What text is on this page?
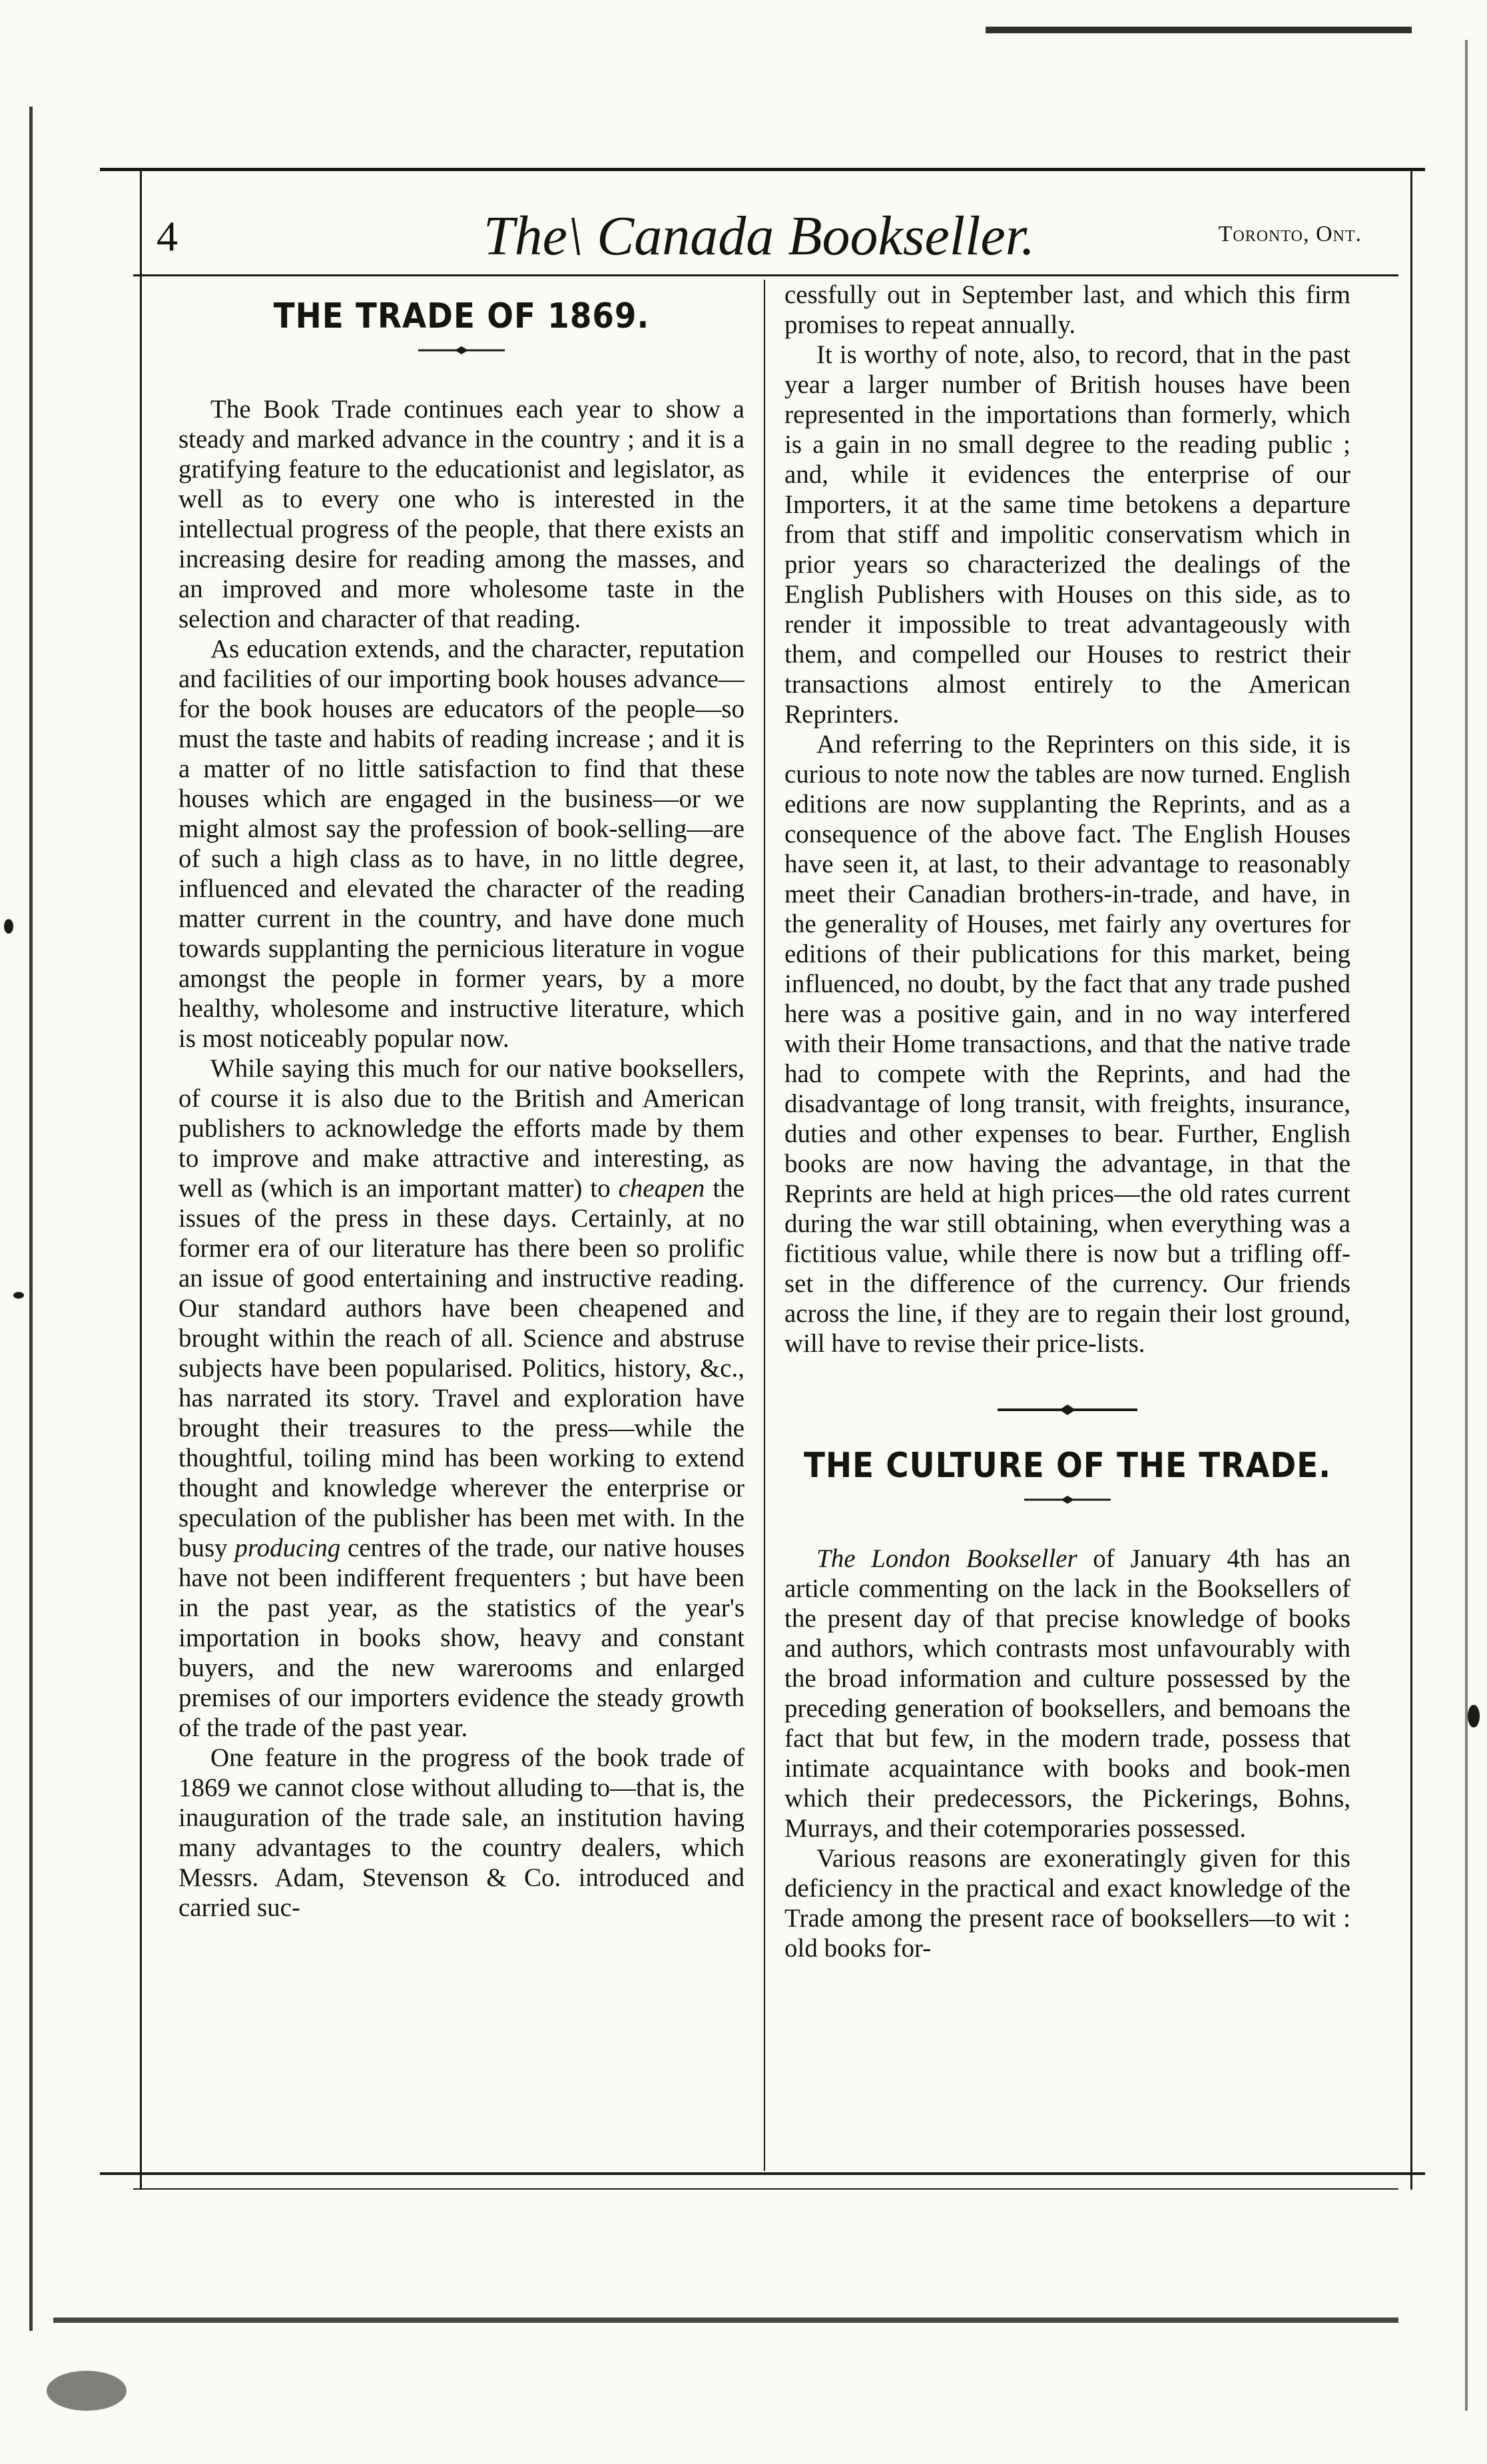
4	The\ Canada Bookseller.	Toronto, Ont.
THE TRADE OF 1869.

The Book Trade continues each year to show a steady and marked advance in the country ; and it is a gratifying feature to the educationist and legislator, as well as to every one who is interested in the intellectual progress of the people, that there exists an increasing desire for reading among the masses, and an improved and more wholesome taste in the selection and character of that reading.

As education extends, and the character, reputation and facilities of our importing book houses advance—for the book houses are educators of the people—so must the taste and habits of reading increase ; and it is a matter of no little satisfaction to find that these houses which are engaged in the business—or we might almost say the profession of book-selling—are of such a high class as to have, in no little degree, influenced and elevated the character of the reading matter current in the country, and have done much towards supplanting the pernicious literature in vogue amongst the people in former years, by a more healthy, wholesome and instructive literature, which is most noticeably popular now.

While saying this much for our native booksellers, of course it is also due to the British and American publishers to acknowledge the efforts made by them to improve and make attractive and interesting, as well as (which is an important matter) to cheapen the issues of the press in these days. Certainly, at no former era of our literature has there been so prolific an issue of good entertaining and instructive reading. Our standard authors have been cheapened and brought within the reach of all. Science and abstruse subjects have been popularised. Politics, history, &c., has narrated its story. Travel and exploration have brought their treasures to the press—while the thoughtful, toiling mind has been working to extend thought and knowledge wherever the enterprise or speculation of the publisher has been met with. In the busy producing centres of the trade, our native houses have not been indifferent frequenters ; but have been in the past year, as the statistics of the year's importation in books show, heavy and constant buyers, and the new warerooms and enlarged premises of our importers evidence the steady growth of the trade of the past year.

One feature in the progress of the book trade of 1869 we cannot close without alluding to—that is, the inauguration of the trade sale, an institution having many advantages to the country dealers, which Messrs. Adam, Stevenson & Co. introduced and carried suc-

cessfully out in September last, and which this firm promises to repeat annually.

It is worthy of note, also, to record, that in the past year a larger number of British houses have been represented in the importations than formerly, which is a gain in no small degree to the reading public ; and, while it evidences the enterprise of our Importers, it at the same time betokens a departure from that stiff and impolitic conservatism which in prior years so characterized the dealings of the English Publishers with Houses on this side, as to render it impossible to treat advantageously with them, and compelled our Houses to restrict their transactions almost entirely to the American Reprinters.

And referring to the Reprinters on this side, it is curious to note now the tables are now turned. English editions are now supplanting the Reprints, and as a consequence of the above fact. The English Houses have seen it, at last, to their advantage to reasonably meet their Canadian brothers-in-trade, and have, in the generality of Houses, met fairly any overtures for editions of their publications for this market, being influenced, no doubt, by the fact that any trade pushed here was a positive gain, and in no way interfered with their Home transactions, and that the native trade had to compete with the Reprints, and had the disadvantage of long transit, with freights, insurance, duties and other expenses to bear. Further, English books are now having the advantage, in that the Reprints are held at high prices—the old rates current during the war still obtaining, when everything was a fictitious value, while there is now but a trifling off-set in the difference of the currency. Our friends across the line, if they are to regain their lost ground, will have to revise their price-lists.

THE CULTURE OF THE TRADE.

The London Bookseller of January 4th has an article commenting on the lack in the Booksellers of the present day of that precise knowledge of books and authors, which contrasts most unfavourably with the broad information and culture possessed by the preceding generation of booksellers, and bemoans the fact that but few, in the modern trade, possess that intimate acquaintance with books and book-men which their predecessors, the Pickerings, Bohns, Murrays, and their cotemporaries possessed.

Various reasons are exoneratingly given for this deficiency in the practical and exact knowledge of the Trade among the present race of booksellers—to wit : old books for-
